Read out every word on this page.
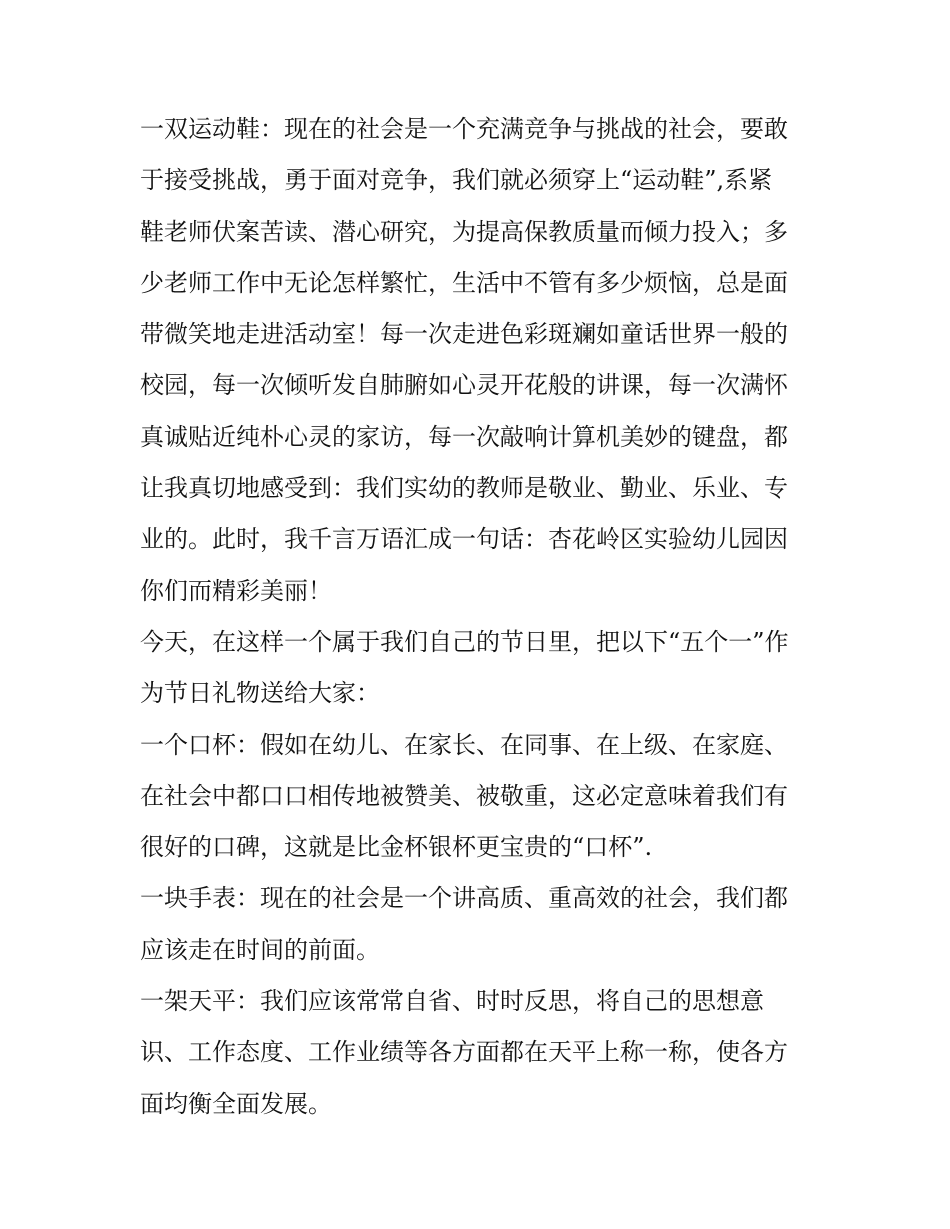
一双运动鞋：现在的社会是一个充满竞争与挑战的社会，要敢
于接受挑战，勇于面对竞争，我们就必须穿上“运动鞋”,系紧
鞋老师伏案苦读、潜心研究，为提高保教质量而倾力投入；多
少老师工作中无论怎样繁忙，生活中不管有多少烦恼，总是面
带微笑地走进活动室！每一次走进色彩斑斓如童话世界一般的
校园，每一次倾听发自肺腑如心灵开花般的讲课，每一次满怀
真诚贴近纯朴心灵的家访，每一次敲响计算机美妙的键盘，都
让我真切地感受到：我们实幼的教师是敬业、勤业、乐业、专
业的。此时，我千言万语汇成一句话：杏花岭区实验幼儿园因
你们而精彩美丽！
今天，在这样一个属于我们自己的节日里，把以下“五个一”作
为节日礼物送给大家：
一个口杯：假如在幼儿、在家长、在同事、在上级、在家庭、
在社会中都口口相传地被赞美、被敬重，这必定意味着我们有
很好的口碑，这就是比金杯银杯更宝贵的“口杯”.
一块手表：现在的社会是一个讲高质、重高效的社会，我们都
应该走在时间的前面。
一架天平：我们应该常常自省、时时反思，将自己的思想意
识、工作态度、工作业绩等各方面都在天平上称一称，使各方
面均衡全面发展。
